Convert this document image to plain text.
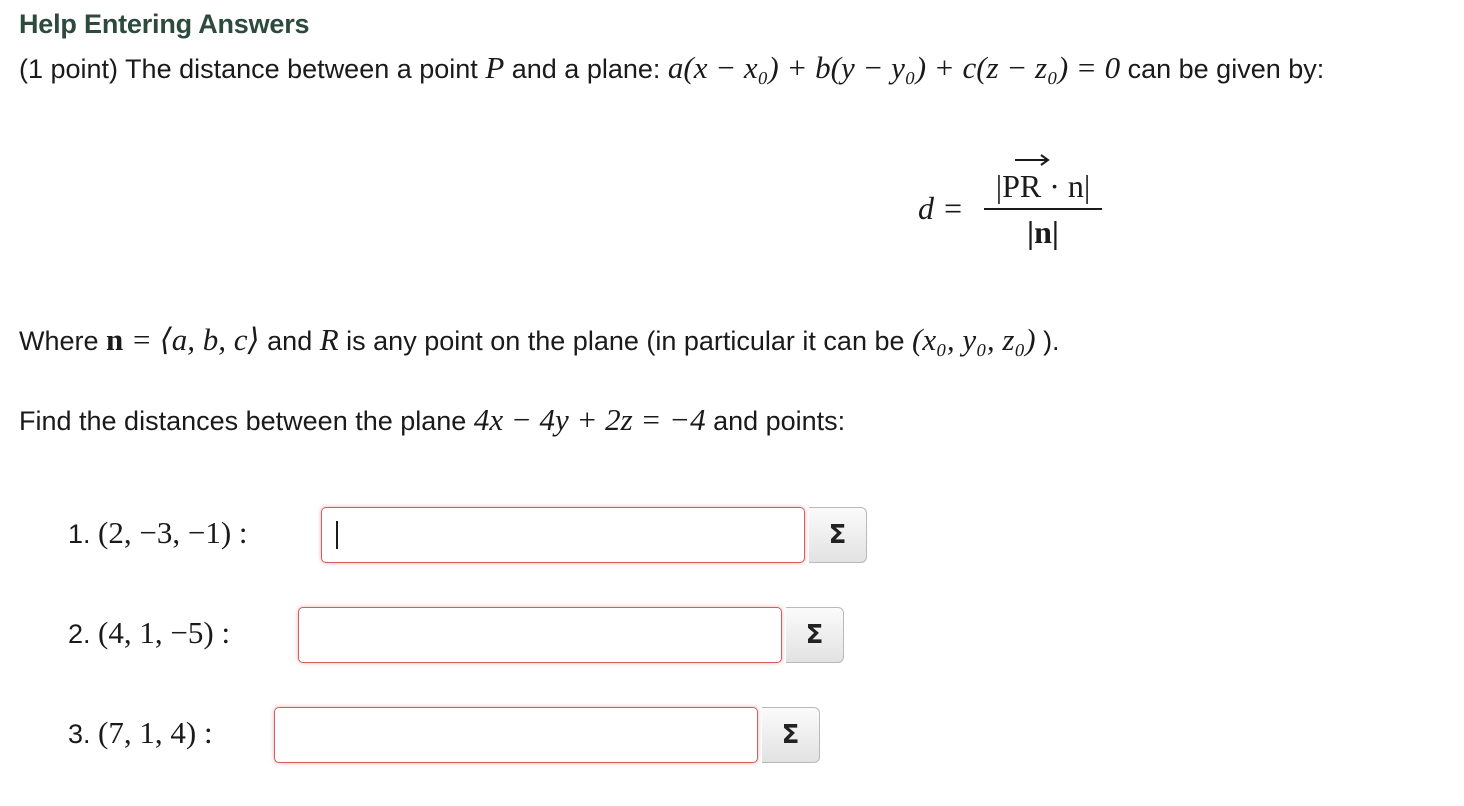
Help Entering Answers
(1 point) The distance between a point P and a plane: a(x − x₀) + b(y − y₀) + c(z − z₀) = 0 can be given by:
d =
|PR · n|
|n|
Where n = ⟨a, b, c⟩ and R is any point on the plane (in particular it can be (x₀, y₀, z₀) ).
Find the distances between the plane 4x − 4y + 2z = −4 and points:
1. (2, −3, −1) :	Σ
2. (4, 1, −5) :	Σ
3. (7, 1, 4) :	Σ
